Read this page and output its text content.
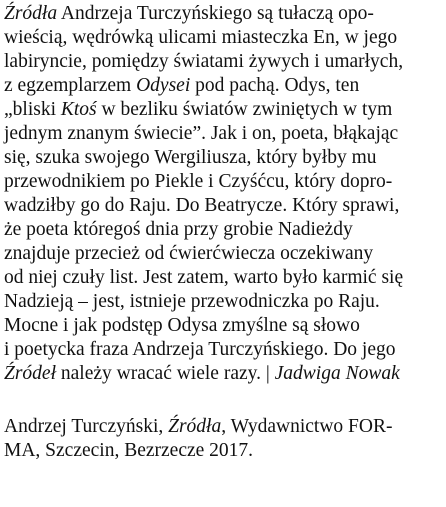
Źródła Andrzeja Turczyńskiego są tułaczą opo-
wieścią, wędrówką ulicami miasteczka En, w jego
labiryncie, pomiędzy światami żywych i umarłych,
z egzemplarzem Odysei pod pachą. Odys, ten
„bliski Ktoś w bezliku światów zwiniętych w tym
jednym znanym świecie”. Jak i on, poeta, błąkając
się, szuka swojego Wergiliusza, który byłby mu
przewodnikiem po Piekle i Czyśćcu, który dopro-
wadziłby go do Raju. Do Beatrycze. Który sprawi,
że poeta któregoś dnia przy grobie Nadieżdy
znajduje przecież od ćwierćwiecza oczekiwany
od niej czuły list. Jest zatem, warto było karmić się
Nadzieją – jest, istnieje przewodniczka po Raju.
Mocne i jak podstęp Odysa zmyślne są słowo
i poetycka fraza Andrzeja Turczyńskiego. Do jego
Źródeł należy wracać wiele razy. | Jadwiga Nowak
Andrzej Turczyński, Źródła, Wydawnictwo FOR-
MA, Szczecin, Bezrzecze 2017.
